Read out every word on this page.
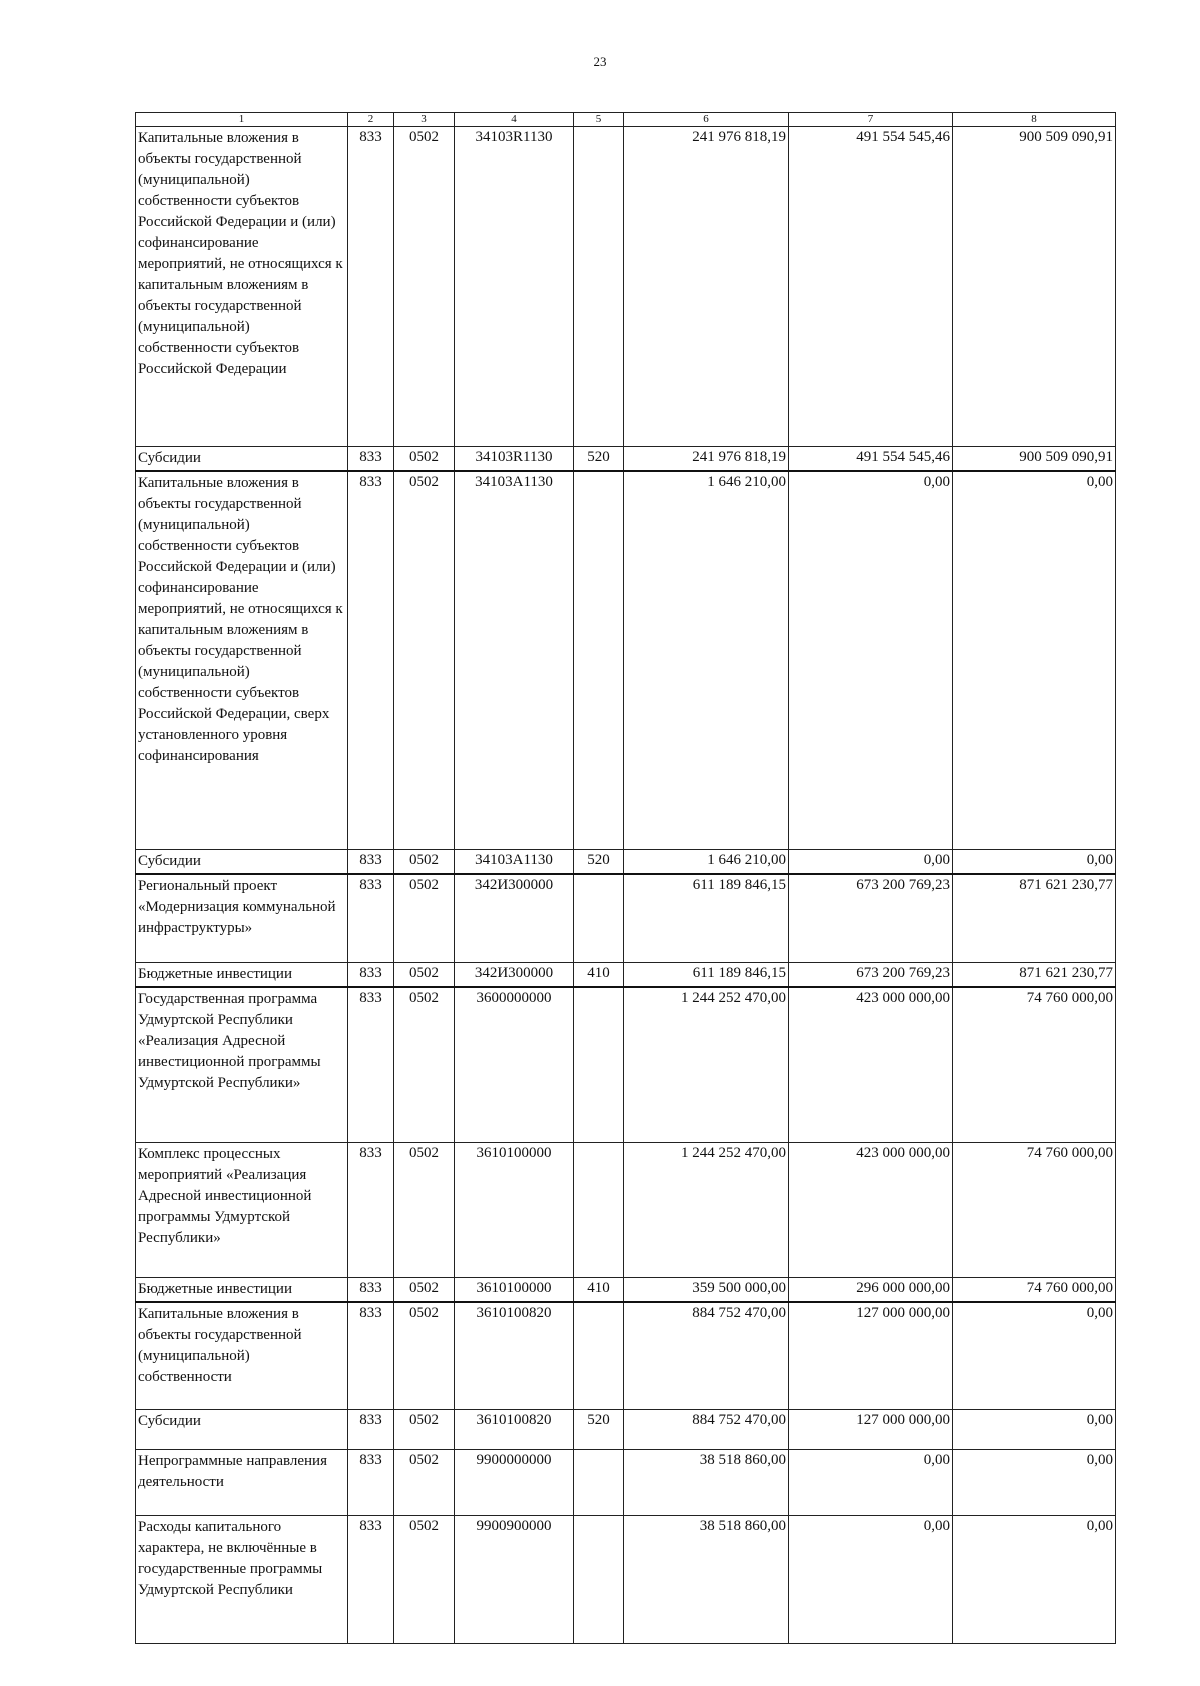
23
1	2	3	4	5	6	7	8
Капитальные вложения в объекты государственной (муниципальной) собственности субъектов Российской Федерации и (или) софинансирование мероприятий, не относящихся к капитальным вложениям в объекты государственной (муниципальной) собственности субъектов Российской Федерации	833	0502	34103R1130		241 976 818,19	491 554 545,46	900 509 090,91
Субсидии	833	0502	34103R1130	520	241 976 818,19	491 554 545,46	900 509 090,91
Капитальные вложения в объекты государственной (муниципальной) собственности субъектов Российской Федерации и (или) софинансирование мероприятий, не относящихся к капитальным вложениям в объекты государственной (муниципальной) собственности субъектов Российской Федерации, сверх установленного уровня софинансирования	833	0502	34103A1130		1 646 210,00	0,00	0,00
Субсидии	833	0502	34103A1130	520	1 646 210,00	0,00	0,00
Региональный проект «Модернизация коммунальной инфраструктуры»	833	0502	342И300000		611 189 846,15	673 200 769,23	871 621 230,77
Бюджетные инвестиции	833	0502	342И300000	410	611 189 846,15	673 200 769,23	871 621 230,77
Государственная программа Удмуртской Республики «Реализация Адресной инвестиционной программы Удмуртской Республики»	833	0502	3600000000		1 244 252 470,00	423 000 000,00	74 760 000,00
Комплекс процессных мероприятий «Реализация Адресной инвестиционной программы Удмуртской Республики»	833	0502	3610100000		1 244 252 470,00	423 000 000,00	74 760 000,00
Бюджетные инвестиции	833	0502	3610100000	410	359 500 000,00	296 000 000,00	74 760 000,00
Капитальные вложения в объекты государственной (муниципальной) собственности	833	0502	3610100820		884 752 470,00	127 000 000,00	0,00
Субсидии	833	0502	3610100820	520	884 752 470,00	127 000 000,00	0,00
Непрограммные направления деятельности	833	0502	9900000000		38 518 860,00	0,00	0,00
Расходы капитального характера, не включённые в государственные программы Удмуртской Республики	833	0502	9900900000		38 518 860,00	0,00	0,00
